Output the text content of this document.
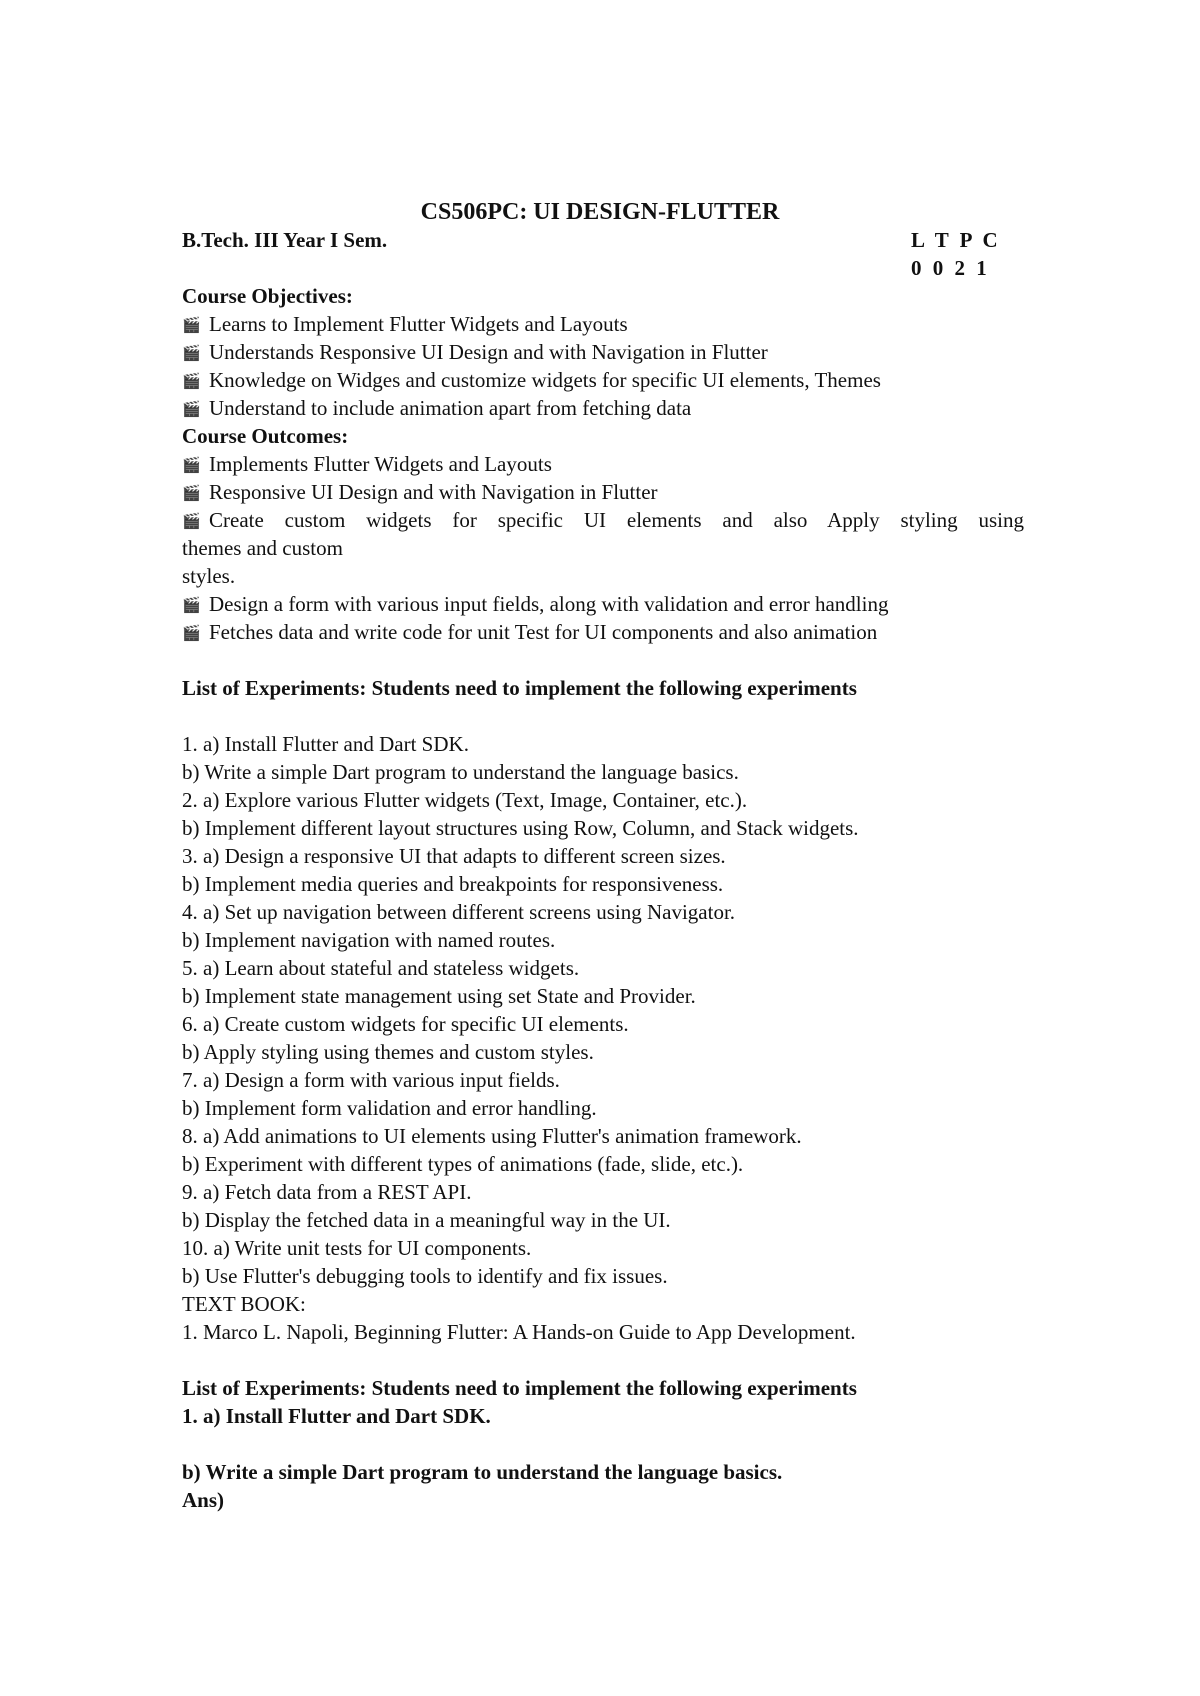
CS506PC: UI DESIGN-FLUTTER
B.Tech. III Year I Sem.	L T P C
0 0 2 1
Course Objectives:
🎬 Learns to Implement Flutter Widgets and Layouts
🎬 Understands Responsive UI Design and with Navigation in Flutter
🎬 Knowledge on Widges and customize widgets for specific UI elements, Themes
🎬 Understand to include animation apart from fetching data
Course Outcomes:
🎬 Implements Flutter Widgets and Layouts
🎬 Responsive UI Design and with Navigation in Flutter
🎬 Create custom widgets for specific UI elements and also Apply styling using
themes and custom
styles.
🎬 Design a form with various input fields, along with validation and error handling
🎬 Fetches data and write code for unit Test for UI components and also animation
List of Experiments: Students need to implement the following experiments
1. a) Install Flutter and Dart SDK.
b) Write a simple Dart program to understand the language basics.
2. a) Explore various Flutter widgets (Text, Image, Container, etc.).
b) Implement different layout structures using Row, Column, and Stack widgets.
3. a) Design a responsive UI that adapts to different screen sizes.
b) Implement media queries and breakpoints for responsiveness.
4. a) Set up navigation between different screens using Navigator.
b) Implement navigation with named routes.
5. a) Learn about stateful and stateless widgets.
b) Implement state management using set State and Provider.
6. a) Create custom widgets for specific UI elements.
b) Apply styling using themes and custom styles.
7. a) Design a form with various input fields.
b) Implement form validation and error handling.
8. a) Add animations to UI elements using Flutter's animation framework.
b) Experiment with different types of animations (fade, slide, etc.).
9. a) Fetch data from a REST API.
b) Display the fetched data in a meaningful way in the UI.
10. a) Write unit tests for UI components.
b) Use Flutter's debugging tools to identify and fix issues.
TEXT BOOK:
1. Marco L. Napoli, Beginning Flutter: A Hands-on Guide to App Development.
List of Experiments: Students need to implement the following experiments
1. a) Install Flutter and Dart SDK.
b) Write a simple Dart program to understand the language basics.
Ans)
